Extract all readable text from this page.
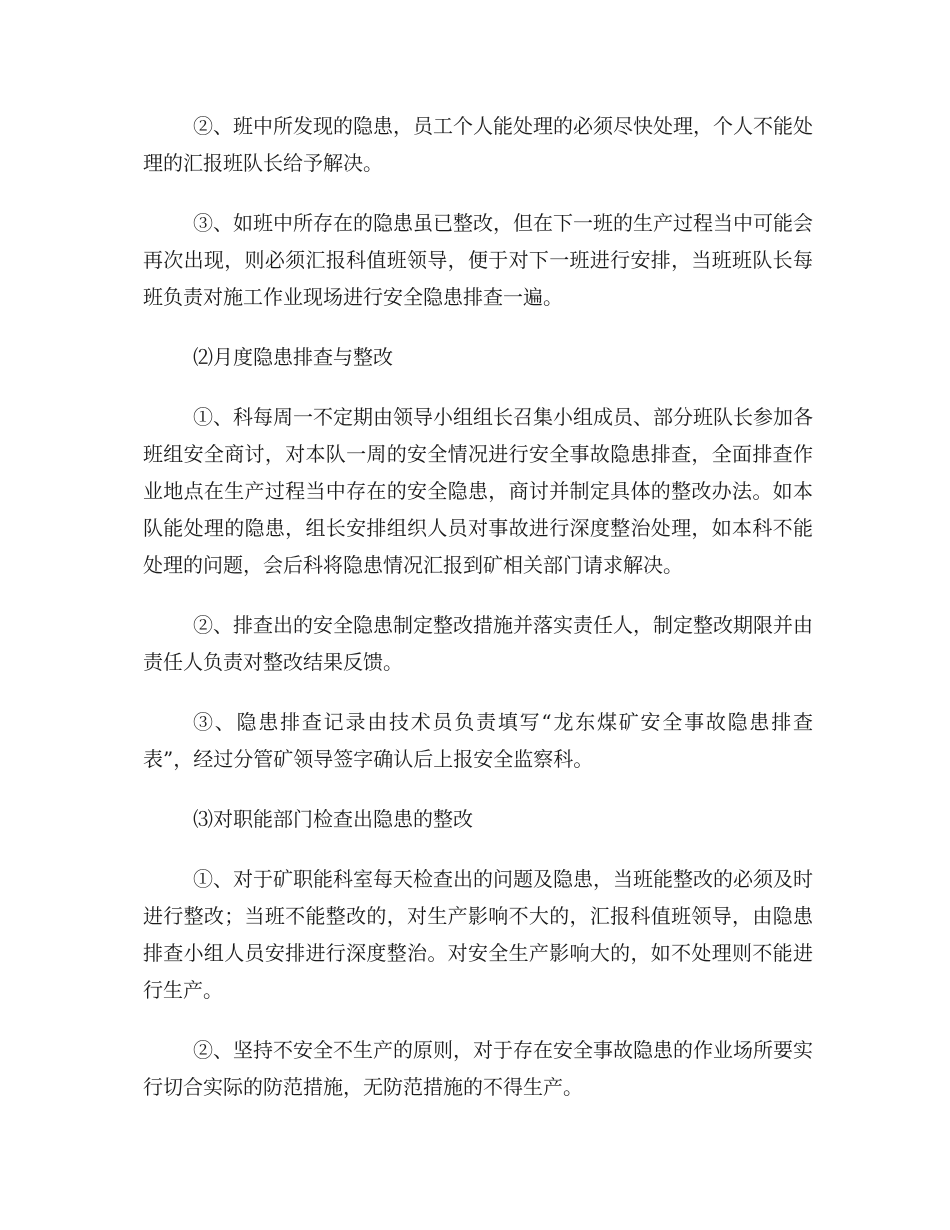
②、班中所发现的隐患，员工个人能处理的必须尽快处理，个人不能处理的汇报班队长给予解决。

③、如班中所存在的隐患虽已整改，但在下一班的生产过程当中可能会再次出现，则必须汇报科值班领导，便于对下一班进行安排，当班班队长每班负责对施工作业现场进行安全隐患排查一遍。

⑵月度隐患排查与整改

①、科每周一不定期由领导小组组长召集小组成员、部分班队长参加各班组安全商讨，对本队一周的安全情况进行安全事故隐患排查，全面排查作业地点在生产过程当中存在的安全隐患，商讨并制定具体的整改办法。如本队能处理的隐患，组长安排组织人员对事故进行深度整治处理，如本科不能处理的问题，会后科将隐患情况汇报到矿相关部门请求解决。

②、排查出的安全隐患制定整改措施并落实责任人，制定整改期限并由责任人负责对整改结果反馈。

③、隐患排查记录由技术员负责填写“龙东煤矿安全事故隐患排查表”，经过分管矿领导签字确认后上报安全监察科。

⑶对职能部门检查出隐患的整改

①、对于矿职能科室每天检查出的问题及隐患，当班能整改的必须及时进行整改；当班不能整改的，对生产影响不大的，汇报科值班领导，由隐患排查小组人员安排进行深度整治。对安全生产影响大的，如不处理则不能进行生产。

②、坚持不安全不生产的原则，对于存在安全事故隐患的作业场所要实行切合实际的防范措施，无防范措施的不得生产。
